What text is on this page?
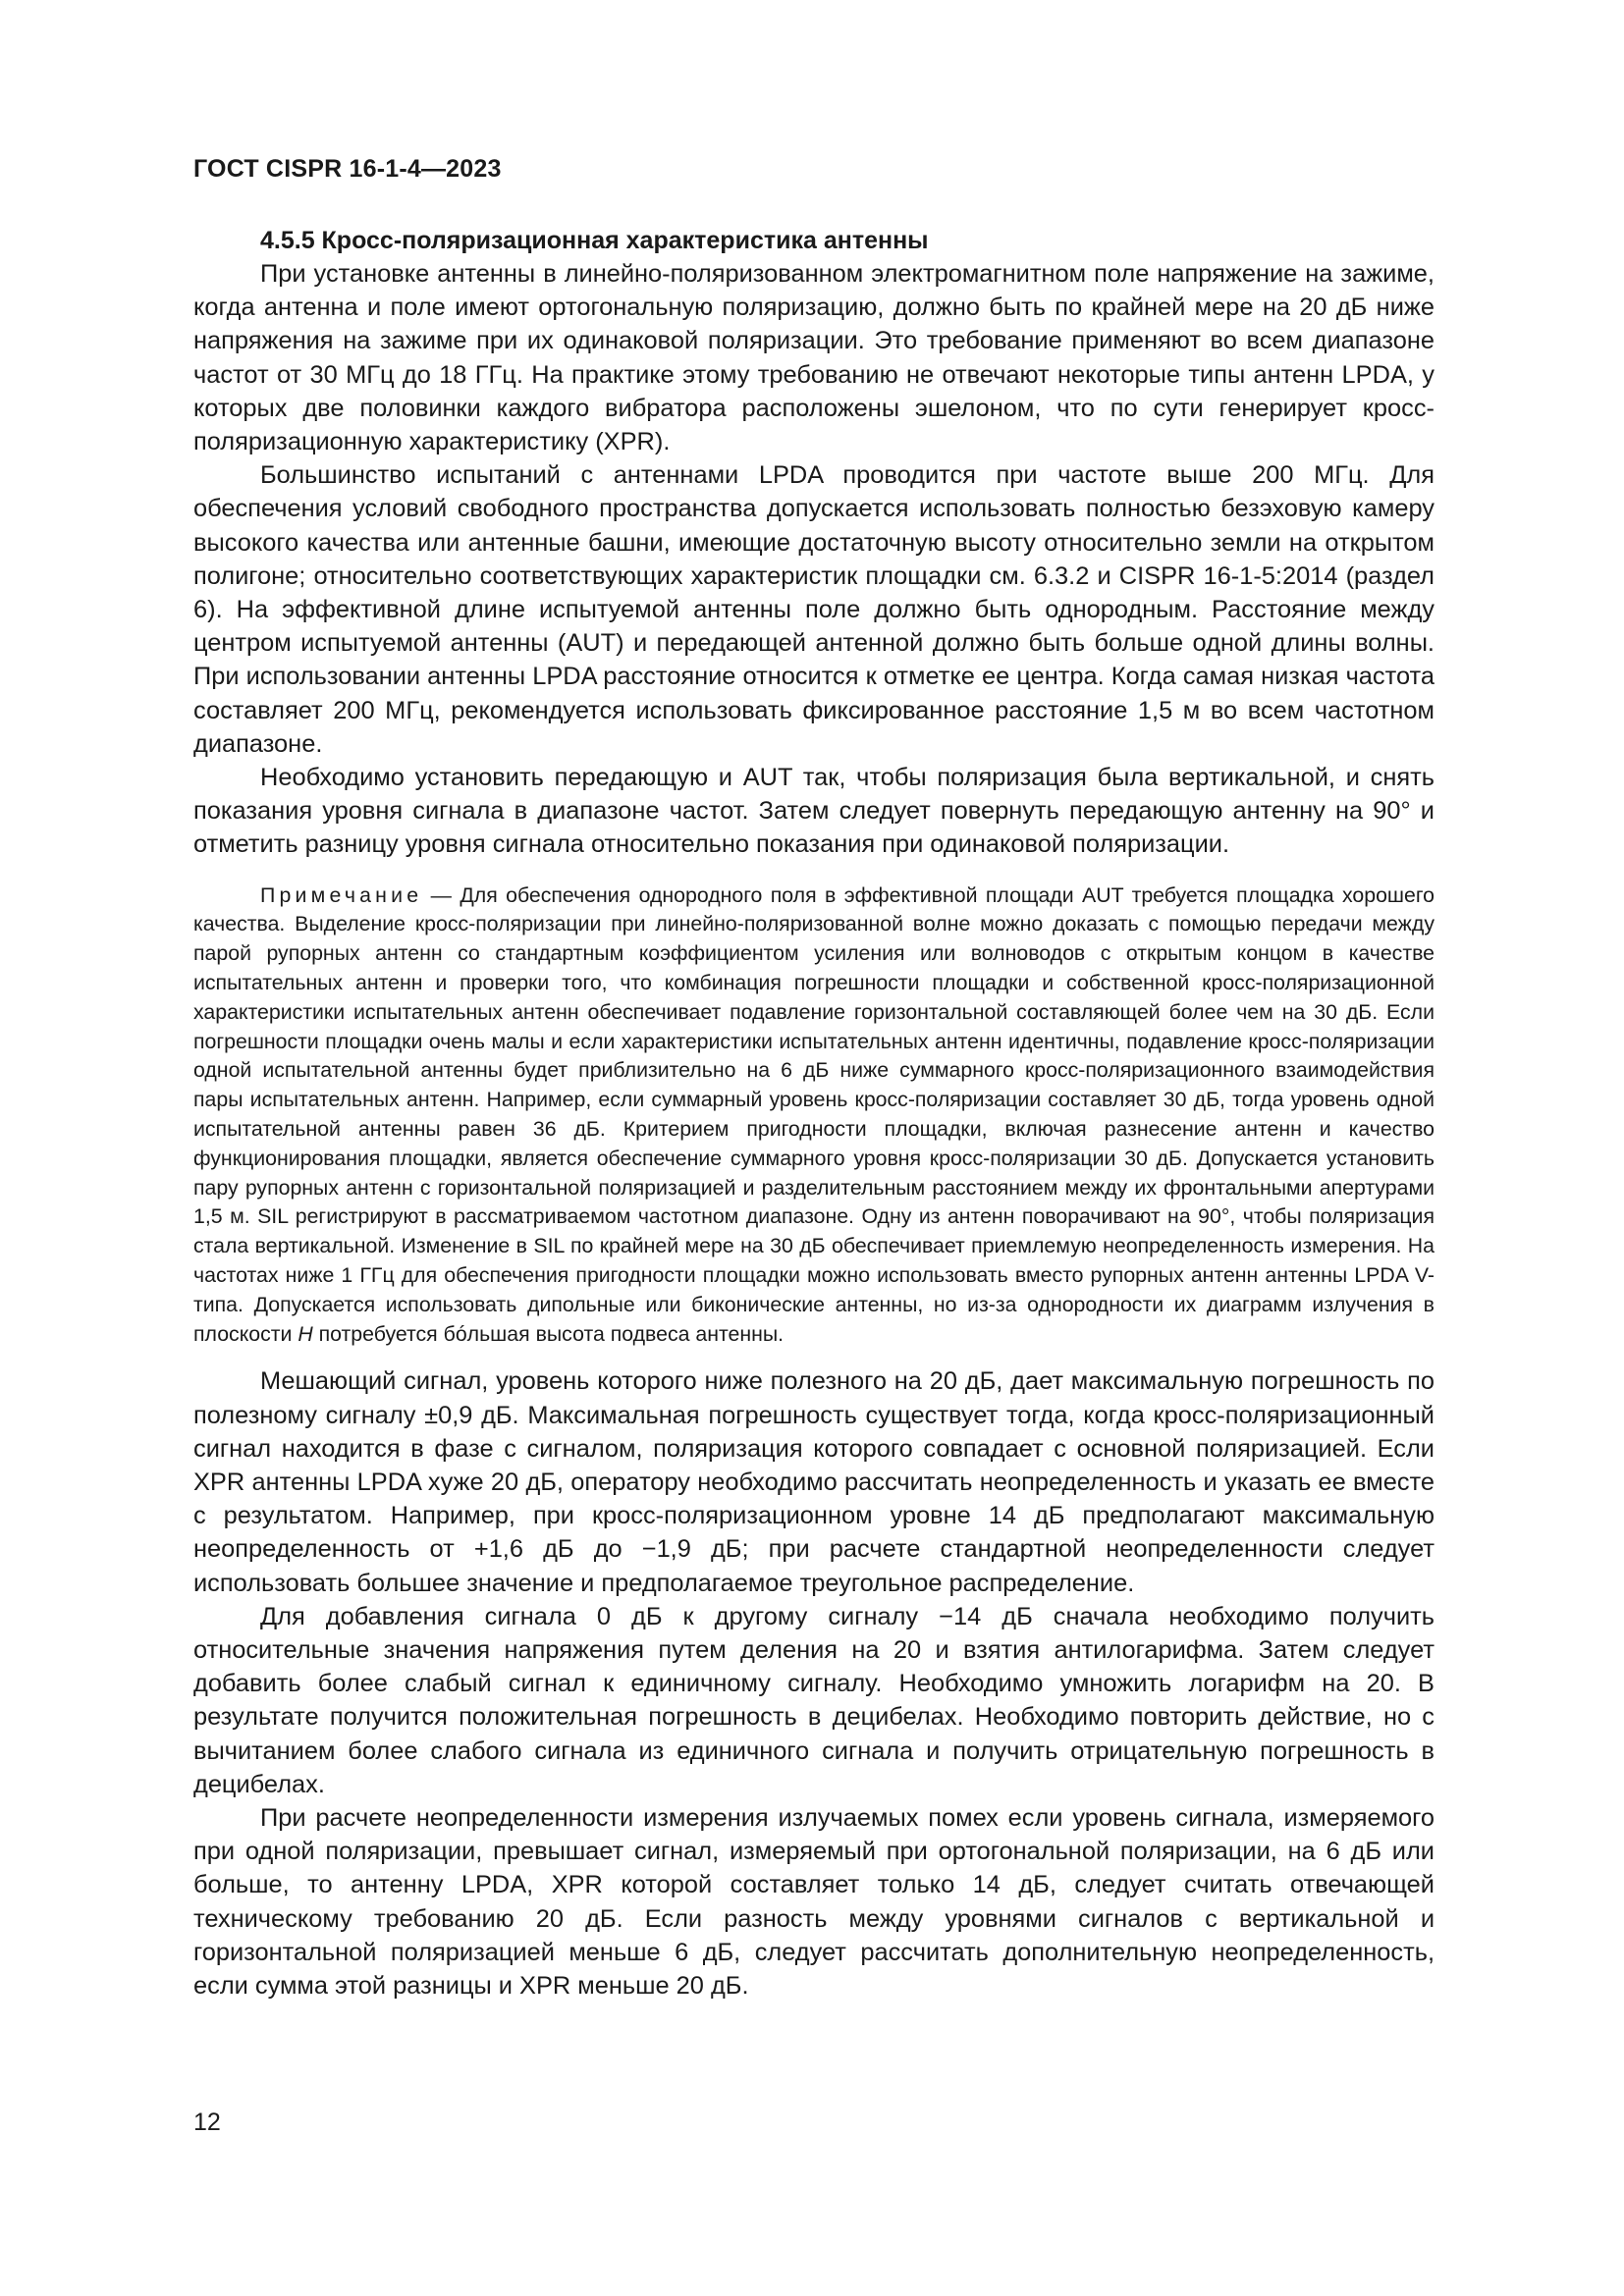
ГОСТ CISPR 16-1-4—2023

4.5.5 Кросс-поляризационная характеристика антенны

При установке антенны в линейно-поляризованном электромагнитном поле напряжение на зажиме, когда антенна и поле имеют ортогональную поляризацию, должно быть по крайней мере на 20 дБ ниже напряжения на зажиме при их одинаковой поляризации. Это требование применяют во всем диапазоне частот от 30 МГц до 18 ГГц. На практике этому требованию не отвечают некоторые типы антенн LPDA, у которых две половинки каждого вибратора расположены эшелоном, что по сути генерирует кросс-поляризационную характеристику (XPR).

Большинство испытаний с антеннами LPDA проводится при частоте выше 200 МГц. Для обеспечения условий свободного пространства допускается использовать полностью безэховую камеру высокого качества или антенные башни, имеющие достаточную высоту относительно земли на открытом полигоне; относительно соответствующих характеристик площадки см. 6.3.2 и CISPR 16-1-5:2014 (раздел 6). На эффективной длине испытуемой антенны поле должно быть однородным. Расстояние между центром испытуемой антенны (AUT) и передающей антенной должно быть больше одной длины волны. При использовании антенны LPDA расстояние относится к отметке ее центра. Когда самая низкая частота составляет 200 МГц, рекомендуется использовать фиксированное расстояние 1,5 м во всем частотном диапазоне.

Необходимо установить передающую и AUT так, чтобы поляризация была вертикальной, и снять показания уровня сигнала в диапазоне частот. Затем следует повернуть передающую антенну на 90° и отметить разницу уровня сигнала относительно показания при одинаковой поляризации.

Примечание — Для обеспечения однородного поля в эффективной площади AUT требуется площадка хорошего качества. Выделение кросс-поляризации при линейно-поляризованной волне можно доказать с помощью передачи между парой рупорных антенн со стандартным коэффициентом усиления или волноводов с открытым концом в качестве испытательных антенн и проверки того, что комбинация погрешности площадки и собственной кросс-поляризационной характеристики испытательных антенн обеспечивает подавление горизонтальной составляющей более чем на 30 дБ. Если погрешности площадки очень малы и если характеристики испытательных антенн идентичны, подавление кросс-поляризации одной испытательной антенны будет приблизительно на 6 дБ ниже суммарного кросс-поляризационного взаимодействия пары испытательных антенн. Например, если суммарный уровень кросс-поляризации составляет 30 дБ, тогда уровень одной испытательной антенны равен 36 дБ. Критерием пригодности площадки, включая разнесение антенн и качество функционирования площадки, является обеспечение суммарного уровня кросс-поляризации 30 дБ. Допускается установить пару рупорных антенн с горизонтальной поляризацией и разделительным расстоянием между их фронтальными апертурами 1,5 м. SIL регистрируют в рассматриваемом частотном диапазоне. Одну из антенн поворачивают на 90°, чтобы поляризация стала вертикальной. Изменение в SIL по крайней мере на 30 дБ обеспечивает приемлемую неопределенность измерения. На частотах ниже 1 ГГц для обеспечения пригодности площадки можно использовать вместо рупорных антенн антенны LPDA V-типа. Допускается использовать дипольные или биконические антенны, но из-за однородности их диаграмм излучения в плоскости H потребуется бóльшая высота подвеса антенны.

Мешающий сигнал, уровень которого ниже полезного на 20 дБ, дает максимальную погрешность по полезному сигналу ±0,9 дБ. Максимальная погрешность существует тогда, когда кросс-поляризационный сигнал находится в фазе с сигналом, поляризация которого совпадает с основной поляризацией. Если XPR антенны LPDA хуже 20 дБ, оператору необходимо рассчитать неопределенность и указать ее вместе с результатом. Например, при кросс-поляризационном уровне 14 дБ предполагают максимальную неопределенность от +1,6 дБ до −1,9 дБ; при расчете стандартной неопределенности следует использовать большее значение и предполагаемое треугольное распределение.

Для добавления сигнала 0 дБ к другому сигналу −14 дБ сначала необходимо получить относительные значения напряжения путем деления на 20 и взятия антилогарифма. Затем следует добавить более слабый сигнал к единичному сигналу. Необходимо умножить логарифм на 20. В результате получится положительная погрешность в децибелах. Необходимо повторить действие, но с вычитанием более слабого сигнала из единичного сигнала и получить отрицательную погрешность в децибелах.

При расчете неопределенности измерения излучаемых помех если уровень сигнала, измеряемого при одной поляризации, превышает сигнал, измеряемый при ортогональной поляризации, на 6 дБ или больше, то антенну LPDA, XPR которой составляет только 14 дБ, следует считать отвечающей техническому требованию 20 дБ. Если разность между уровнями сигналов с вертикальной и горизонтальной поляризацией меньше 6 дБ, следует рассчитать дополнительную неопределенность, если сумма этой разницы и XPR меньше 20 дБ.

12
